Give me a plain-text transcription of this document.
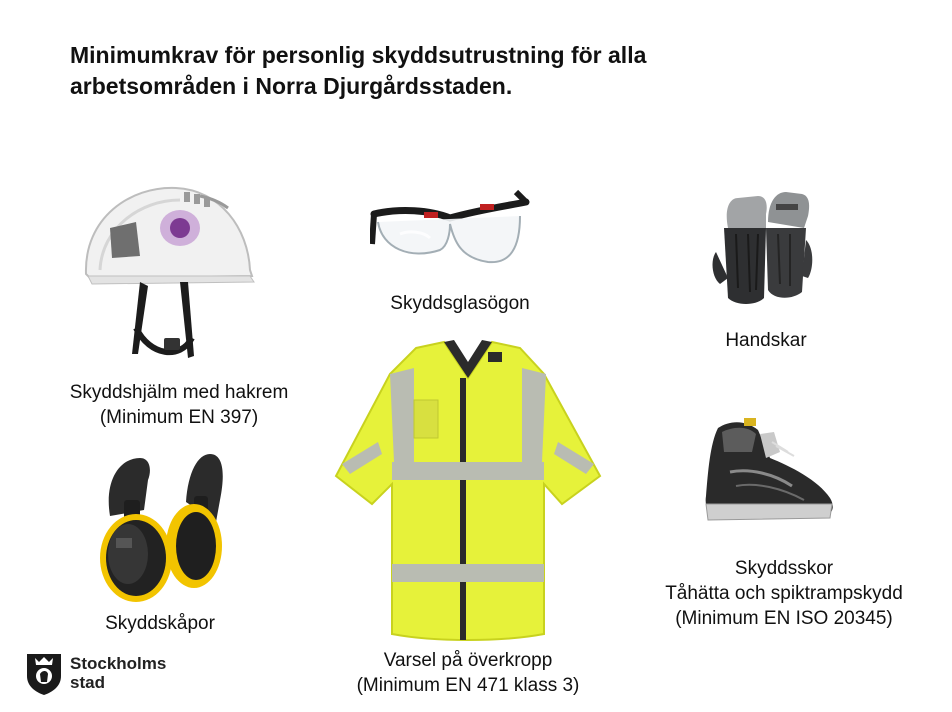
Minimumkrav för personlig skyddsutrustning för alla
arbetsområden i Norra Djurgårdsstaden.
Skyddshjälm med hakrem
(Minimum EN 397)
Skyddsglasögon
Handskar
Skyddskåpor
Varsel på överkropp
(Minimum EN 471 klass 3)
Skyddsskor
Tåhätta och spiktrampskydd
(Minimum EN ISO 20345)
Stockholms
stad
